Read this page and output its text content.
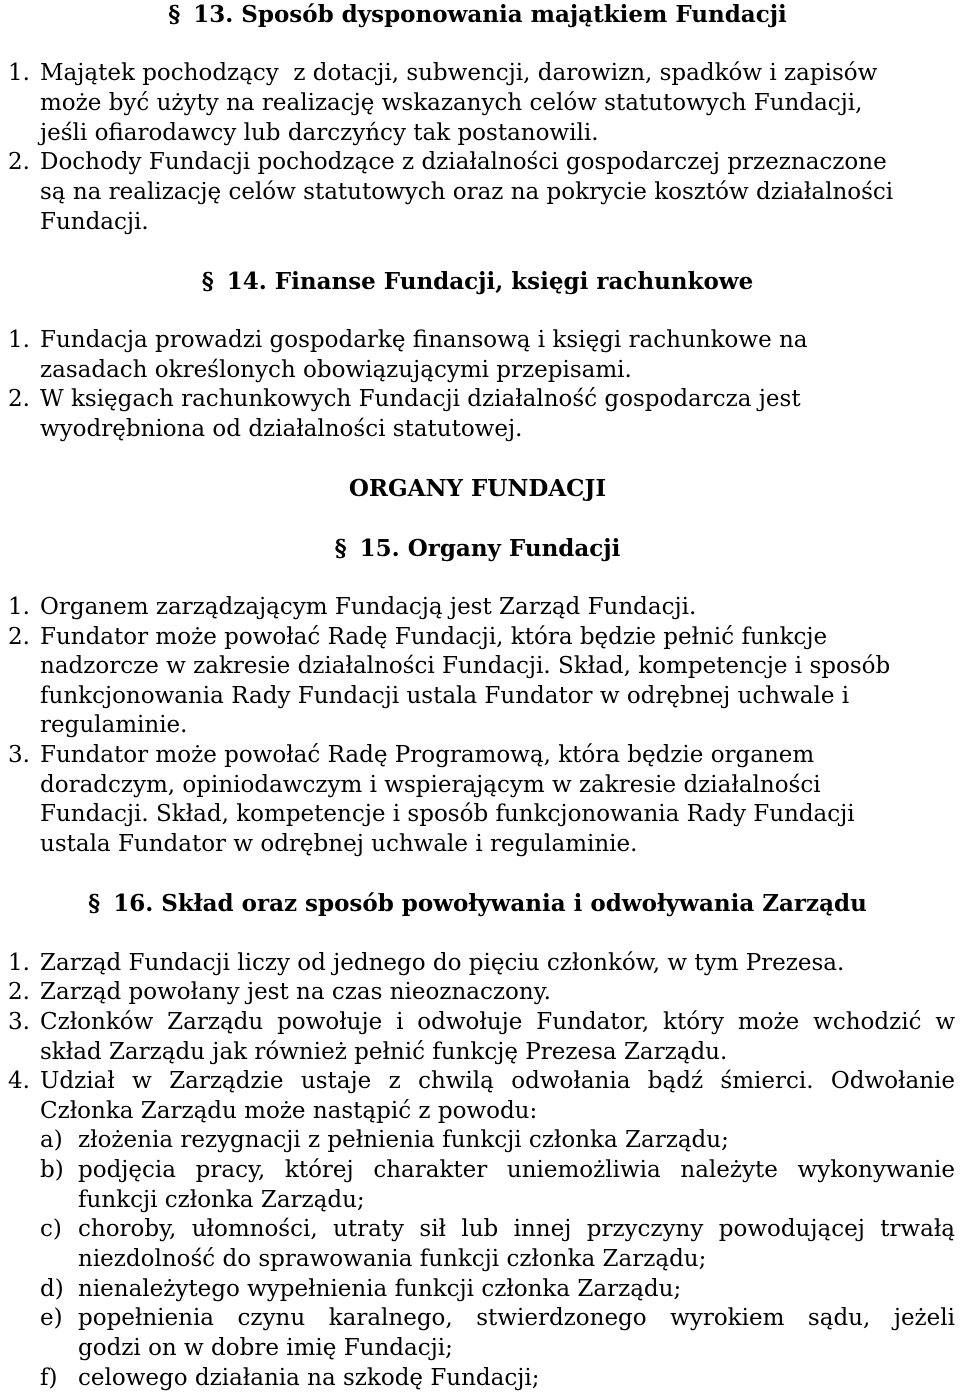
§ 13. Sposób dysponowania majątkiem Fundacji
1. Majątek pochodzący  z dotacji, subwencji, darowizn, spadków i zapisów
może być użyty na realizację wskazanych celów statutowych Fundacji,
jeśli ofiarodawcy lub darczyńcy tak postanowili.
2. Dochody Fundacji pochodzące z działalności gospodarczej przeznaczone
są na realizację celów statutowych oraz na pokrycie kosztów działalności
Fundacji.
§ 14. Finanse Fundacji, księgi rachunkowe
1. Fundacja prowadzi gospodarkę finansową i księgi rachunkowe na
zasadach określonych obowiązującymi przepisami.
2. W księgach rachunkowych Fundacji działalność gospodarcza jest
wyodrębniona od działalności statutowej.
ORGANY FUNDACJI
§ 15. Organy Fundacji
1. Organem zarządzającym Fundacją jest Zarząd Fundacji.
2. Fundator może powołać Radę Fundacji, która będzie pełnić funkcje
nadzorcze w zakresie działalności Fundacji. Skład, kompetencje i sposób
funkcjonowania Rady Fundacji ustala Fundator w odrębnej uchwale i
regulaminie.
3. Fundator może powołać Radę Programową, która będzie organem
doradczym, opiniodawczym i wspierającym w zakresie działalności
Fundacji. Skład, kompetencje i sposób funkcjonowania Rady Fundacji
ustala Fundator w odrębnej uchwale i regulaminie.
§ 16. Skład oraz sposób powoływania i odwoływania Zarządu
1. Zarząd Fundacji liczy od jednego do pięciu członków, w tym Prezesa.
2. Zarząd powołany jest na czas nieoznaczony.
3. Członków Zarządu powołuje i odwołuje Fundator, który może wchodzić w
skład Zarządu jak również pełnić funkcję Prezesa Zarządu.
4. Udział w Zarządzie ustaje z chwilą odwołania bądź śmierci. Odwołanie
Członka Zarządu może nastąpić z powodu:
a) złożenia rezygnacji z pełnienia funkcji członka Zarządu;
b) podjęcia pracy, której charakter uniemożliwia należyte wykonywanie
funkcji członka Zarządu;
c) choroby, ułomności, utraty sił lub innej przyczyny powodującej trwałą
niezdolność do sprawowania funkcji członka Zarządu;
d) nienależytego wypełnienia funkcji członka Zarządu;
e) popełnienia czynu karalnego, stwierdzonego wyrokiem sądu, jeżeli
godzi on w dobre imię Fundacji;
f) celowego działania na szkodę Fundacji;
